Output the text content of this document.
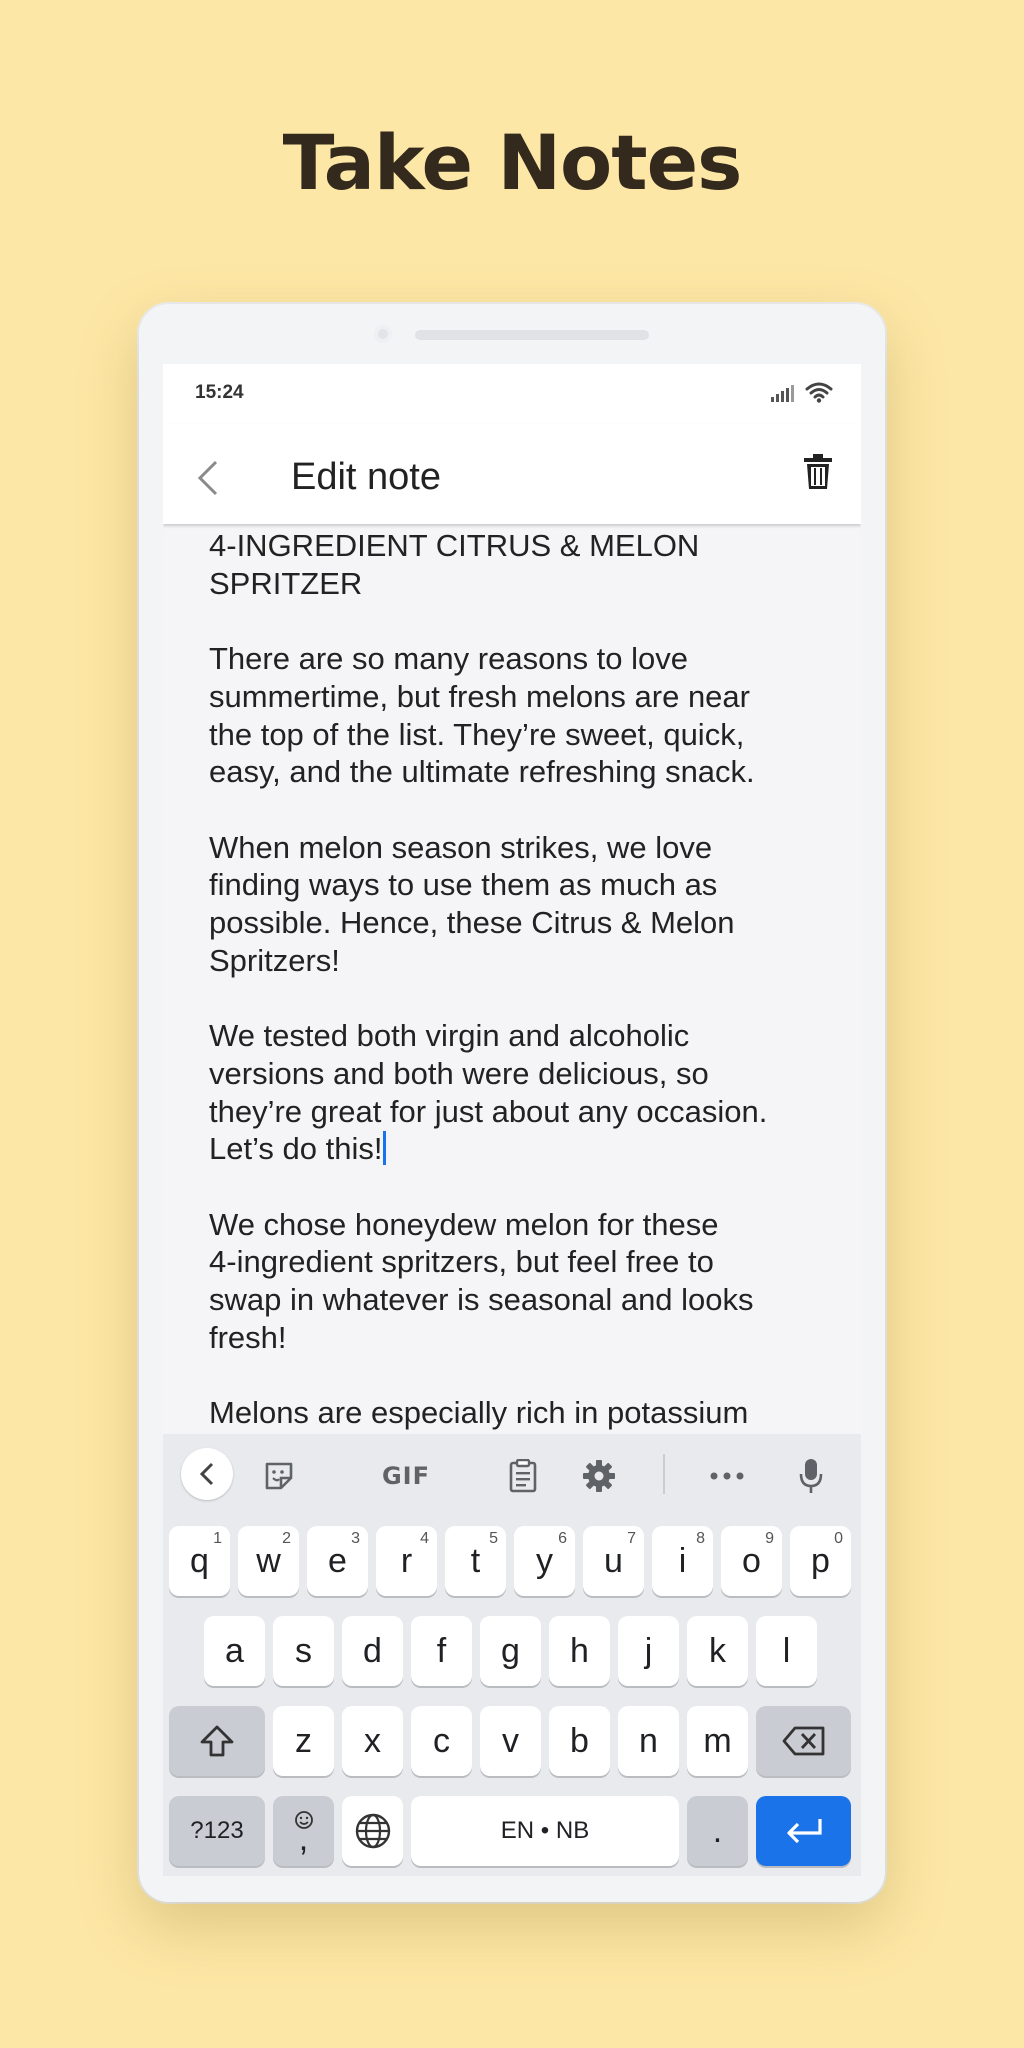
Take Notes
15:24
Edit note
4-INGREDIENT CITRUS & MELON
SPRITZER

There are so many reasons to love
summertime, but fresh melons are near
the top of the list. They’re sweet, quick,
easy, and the ultimate refreshing snack.

When melon season strikes, we love
finding ways to use them as much as
possible. Hence, these Citrus & Melon
Spritzers!

We tested both virgin and alcoholic
versions and both were delicious, so
they’re great for just about any occasion.
Let’s do this!

We chose honeydew melon for these
4-ingredient spritzers, but feel free to
swap in whatever is seasonal and looks
fresh!

Melons are especially rich in potassium
GIF
q
1
w
2
e
3
r
4
t
5
y
6
u
7
i
8
o
9
p
0
a	s	d	f	g	h	j	k	l
z	x	c	v	b	n	m
?123	,	EN • NB	.
